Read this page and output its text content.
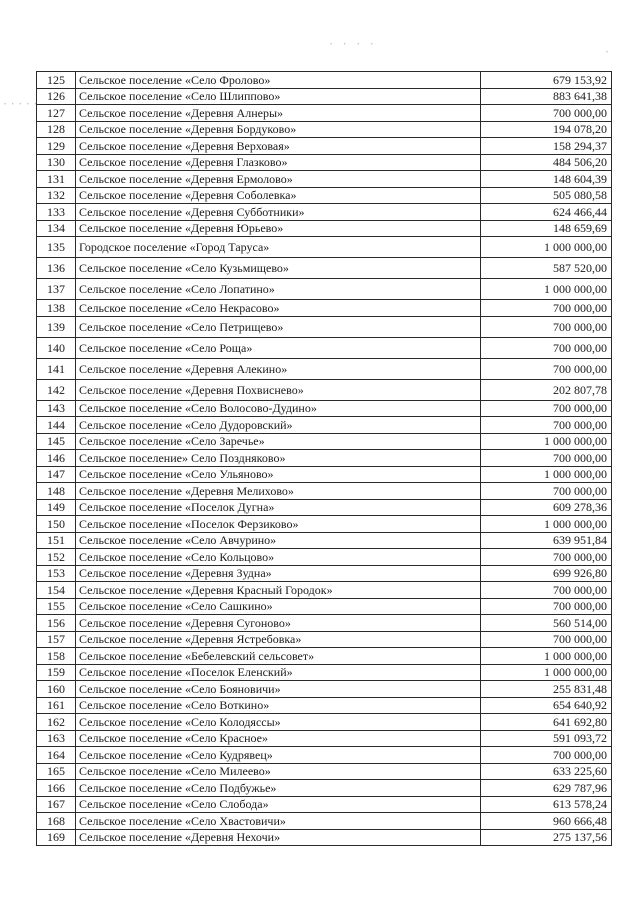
• • • •
• • • • •
•
125	Сельское поселение «Село Фролово»	679 153,92
126	Сельское поселение «Село Шлиппово»	883 641,38
127	Сельское поселение «Деревня Алнеры»	700 000,00
128	Сельское поселение «Деревня Бордуково»	194 078,20
129	Сельское поселение «Деревня Верховая»	158 294,37
130	Сельское поселение «Деревня Глазково»	484 506,20
131	Сельское поселение «Деревня Ермолово»	148 604,39
132	Сельское поселение «Деревня Соболевка»	505 080,58
133	Сельское поселение «Деревня Субботники»	624 466,44
134	Сельское поселение «Деревня Юрьево»	148 659,69
135	Городское поселение «Город Таруса»	1 000 000,00
136	Сельское поселение «Село Кузьмищево»	587 520,00
137	Сельское поселение «Село Лопатино»	1 000 000,00
138	Сельское поселение «Село Некрасово»	700 000,00
139	Сельское поселение «Село Петрищево»	700 000,00
140	Сельское поселение «Село Роща»	700 000,00
141	Сельское поселение «Деревня Алекино»	700 000,00
142	Сельское поселение «Деревня Похвисневo»	202 807,78
143	Сельское поселение «Село Волосово-Дудино»	700 000,00
144	Сельское поселение «Село Дудоровский»	700 000,00
145	Сельское поселение «Село Заречье»	1 000 000,00
146	Сельское поселение» Село Поздняково»	700 000,00
147	Сельское поселение «Село Ульяново»	1 000 000,00
148	Сельское поселение «Деревня Мелихово»	700 000,00
149	Сельское поселение «Поселок Дугна»	609 278,36
150	Сельское поселение «Поселок Ферзиково»	1 000 000,00
151	Сельское поселение «Село Авчурино»	639 951,84
152	Сельское поселение «Село Кольцово»	700 000,00
153	Сельское поселение «Деревня Зудна»	699 926,80
154	Сельское поселение «Деревня Красный Городок»	700 000,00
155	Сельское поселение «Село Сашкино»	700 000,00
156	Сельское поселение «Деревня Сугоново»	560 514,00
157	Сельское поселение «Деревня Ястребовка»	700 000,00
158	Сельское поселение «Бебелевский сельсовет»	1 000 000,00
159	Сельское поселение «Поселок Еленский»	1 000 000,00
160	Сельское поселение «Село Бояновичи»	255 831,48
161	Сельское поселение «Село Воткино»	654 640,92
162	Сельское поселение «Село Колодяссы»	641 692,80
163	Сельское поселение «Село Красное»	591 093,72
164	Сельское поселение «Село Кудрявец»	700 000,00
165	Сельское поселение «Село Милеево»	633 225,60
166	Сельское поселение «Село Подбужье»	629 787,96
167	Сельское поселение «Село Слобода»	613 578,24
168	Сельское поселение «Село Хвастовичи»	960 666,48
169	Сельское поселение «Деревня Нехочи»	275 137,56
